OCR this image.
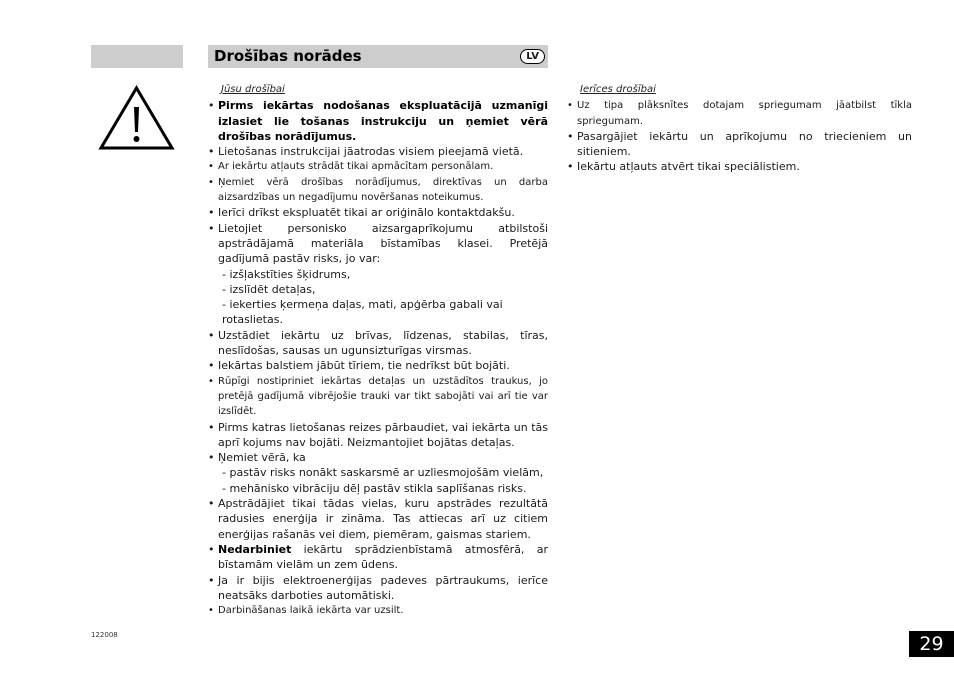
Drošības norādes	LV
Jūsu drošībai
• Pirms iekārtas nodošanas ekspluatācijā uzmanīgi izlasiet lie tošanas instrukciju un ņemiet vērā drošības norādījumus.
• Lietošanas instrukcijai jāatrodas visiem pieejamā vietā.
• Ar iekārtu atļauts strādāt tikai apmācītam personālam.
• Ņemiet vērā drošības norādījumus, direktīvas un darba aizsardzības un negadījumu novēršanas noteikumus.
• Ierīci drīkst ekspluatēt tikai ar oriģinālo kontaktdakšu.
• Lietojiet personisko aizsargaprīkojumu atbilstoši apstrādājamā materiāla bīstamības klasei. Pretējā gadījumā pastāv risks, jo var:
- izšļakstīties šķidrums,
- izslīdēt detaļas,
- iekerties ķermeņa daļas, mati, apģērba gabali vai rotaslietas.
• Uzstādiet iekārtu uz brīvas, līdzenas, stabilas, tīras, neslīdošas, sausas un ugunsizturīgas virsmas.
• Iekārtas balstiem jābūt tīriem, tie nedrīkst būt bojāti.
• Rūpīgi nostipriniet iekārtas detaļas un uzstādītos traukus, jo pretējā gadījumā vibrējošie trauki var tikt sabojāti vai arī tie var izslīdēt.
• Pirms katras lietošanas reizes pārbaudiet, vai iekārta un tās aprī kojums nav bojāti. Neizmantojiet bojātas detaļas.
• Ņemiet vērā, ka
- pastāv risks nonākt saskarsmē ar uzliesmojošām vielām,
- mehānisko vibrāciju dēļ pastāv stikla saplīšanas risks.
• Apstrādājiet tikai tādas vielas, kuru apstrādes rezultātā radusies enerģija ir zināma. Tas attiecas arī uz citiem enerģijas rašanās vei diem, piemēram, gaismas stariem.
• Nedarbiniet iekārtu sprādzienbīstamā atmosfērā, ar bīstamām vielām un zem ūdens.
• Ja ir bijis elektroenerģijas padeves pārtraukums, ierīce neatsāks darboties automātiski.
• Darbināšanas laikā iekārta var uzsilt.
Ierīces drošībai
• Uz tipa plāksnītes dotajam spriegumam jāatbilst tīkla spriegumam.
• Pasargājiet iekārtu un aprīkojumu no triecieniem un sitieniem.
• Iekārtu atļauts atvērt tikai speciālistiem.
122008	29
